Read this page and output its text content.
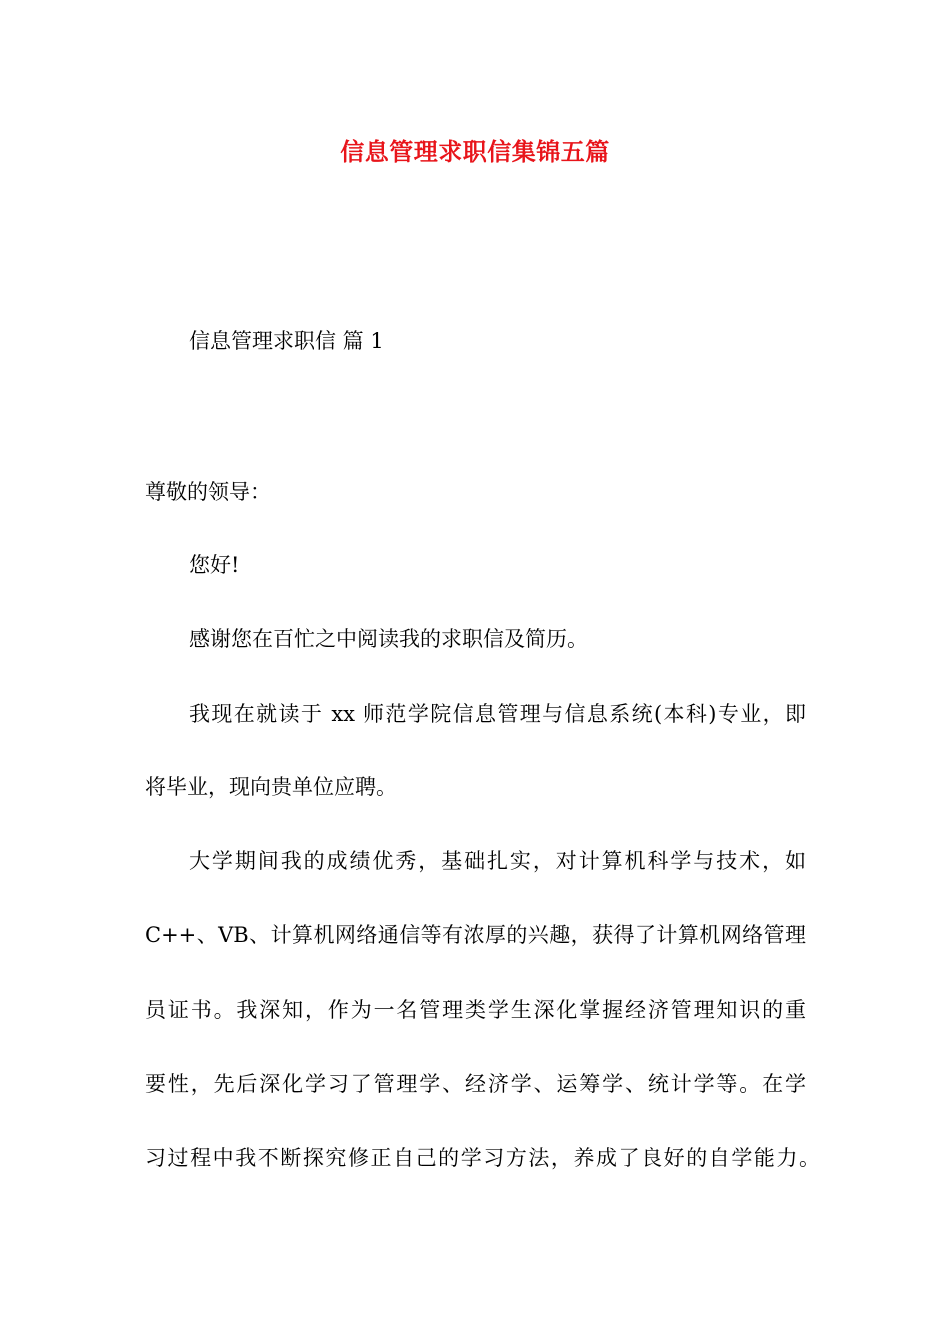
信息管理求职信集锦五篇
信息管理求职信 篇 1
尊敬的领导：
您好!
感谢您在百忙之中阅读我的求职信及简历。
我现在就读于 xx 师范学院信息管理与信息系统(本科)专业，即
将毕业，现向贵单位应聘。
大学期间我的成绩优秀，基础扎实，对计算机科学与技术，如
C++、VB、计算机网络通信等有浓厚的兴趣，获得了计算机网络管理
员证书。我深知，作为一名管理类学生深化掌握经济管理知识的重
要性，先后深化学习了管理学、经济学、运筹学、统计学等。在学
习过程中我不断探究修正自己的学习方法，养成了良好的自学能力。
